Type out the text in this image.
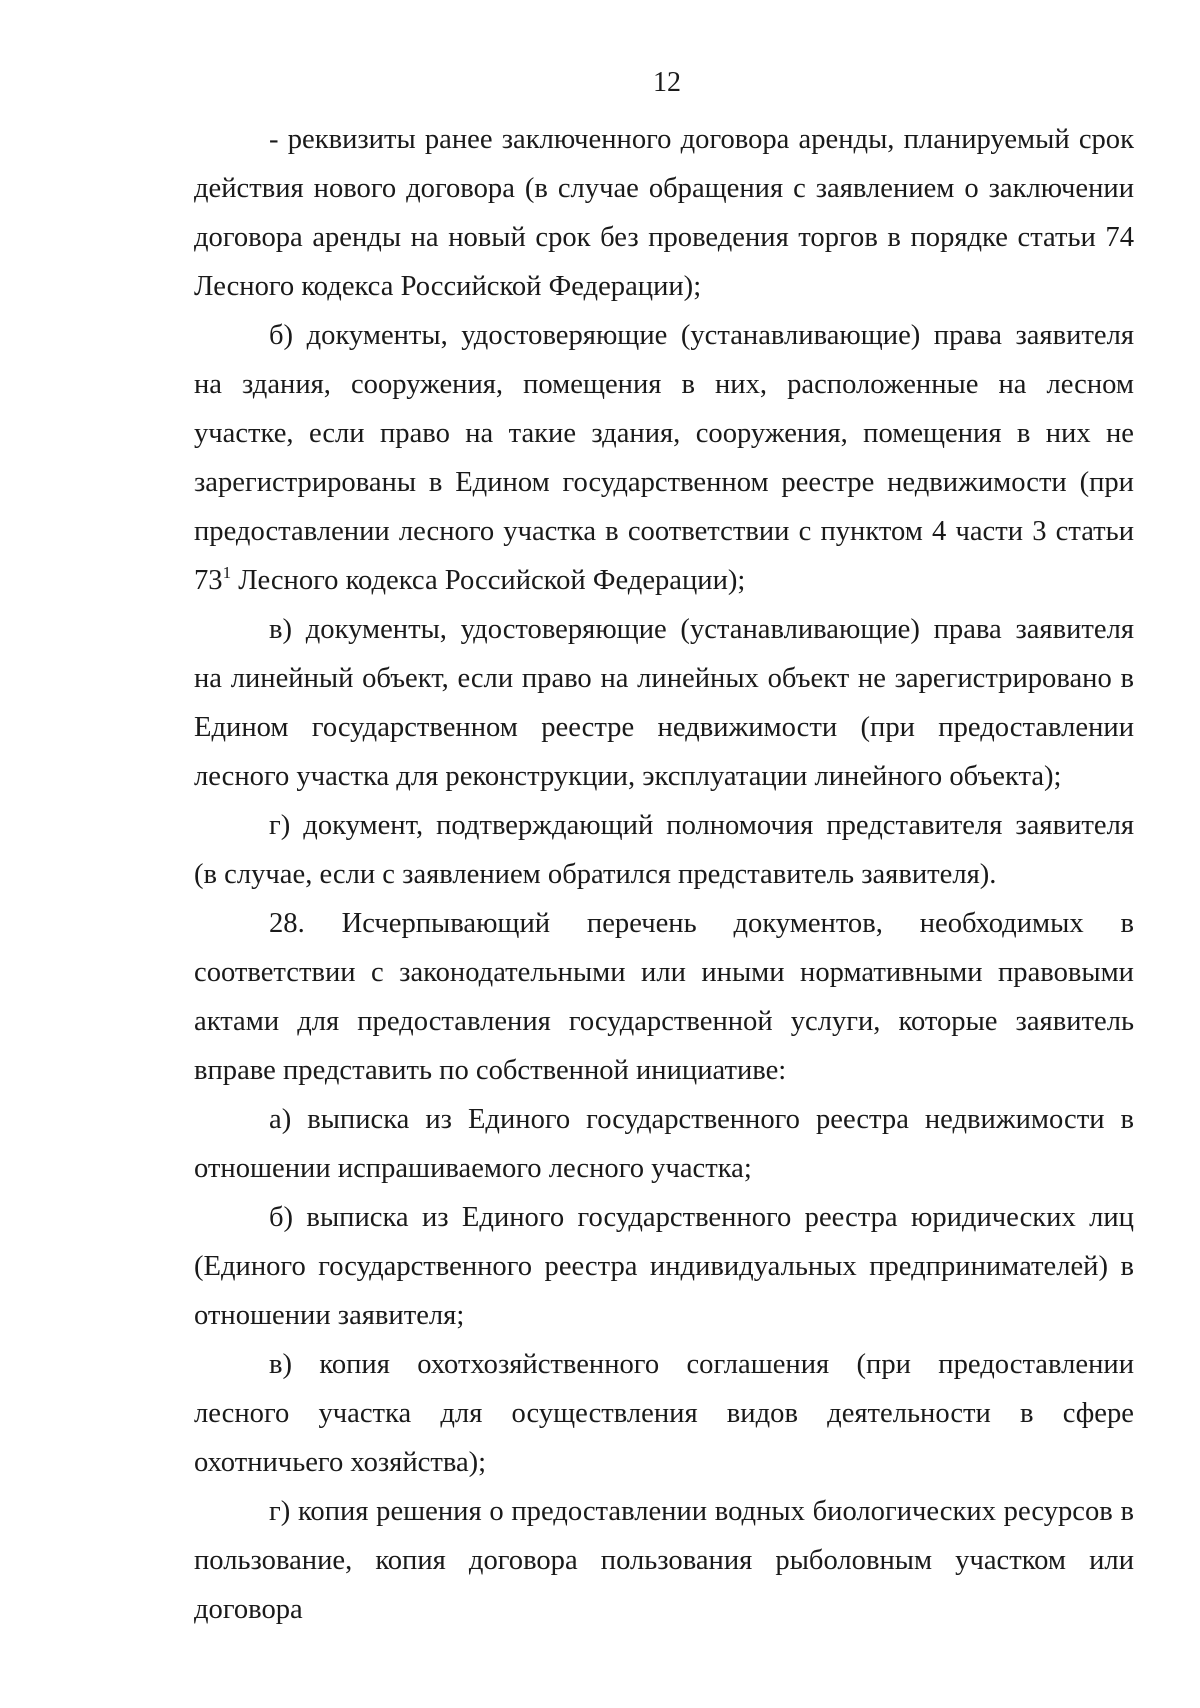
12

- реквизиты ранее заключенного договора аренды, планируемый срок действия нового договора (в случае обращения с заявлением о заключении договора аренды на новый срок без проведения торгов в порядке статьи 74 Лесного кодекса Российской Федерации);

б) документы, удостоверяющие (устанавливающие) права заявителя на здания, сооружения, помещения в них, расположенные на лесном участке, если право на такие здания, сооружения, помещения в них не зарегистрированы в Едином государственном реестре недвижимости (при предоставлении лесного участка в соответствии с пунктом 4 части 3 статьи $73^1$ Лесного кодекса Российской Федерации);

в) документы, удостоверяющие (устанавливающие) права заявителя на линейный объект, если право на линейных объект не зарегистрировано в Едином государственном реестре недвижимости (при предоставлении лесного участка для реконструкции, эксплуатации линейного объекта);

г) документ, подтверждающий полномочия представителя заявителя (в случае, если с заявлением обратился представитель заявителя).

28. Исчерпывающий перечень документов, необходимых в соответствии с законодательными или иными нормативными правовыми актами для предоставления государственной услуги, которые заявитель вправе представить по собственной инициативе:

а) выписка из Единого государственного реестра недвижимости в отношении испрашиваемого лесного участка;

б) выписка из Единого государственного реестра юридических лиц (Единого государственного реестра индивидуальных предпринимателей) в отношении заявителя;

в) копия охотхозяйственного соглашения (при предоставлении лесного участка для осуществления видов деятельности в сфере охотничьего хозяйства);

г) копия решения о предоставлении водных биологических ресурсов в пользование, копия договора пользования рыболовным участком или договора
